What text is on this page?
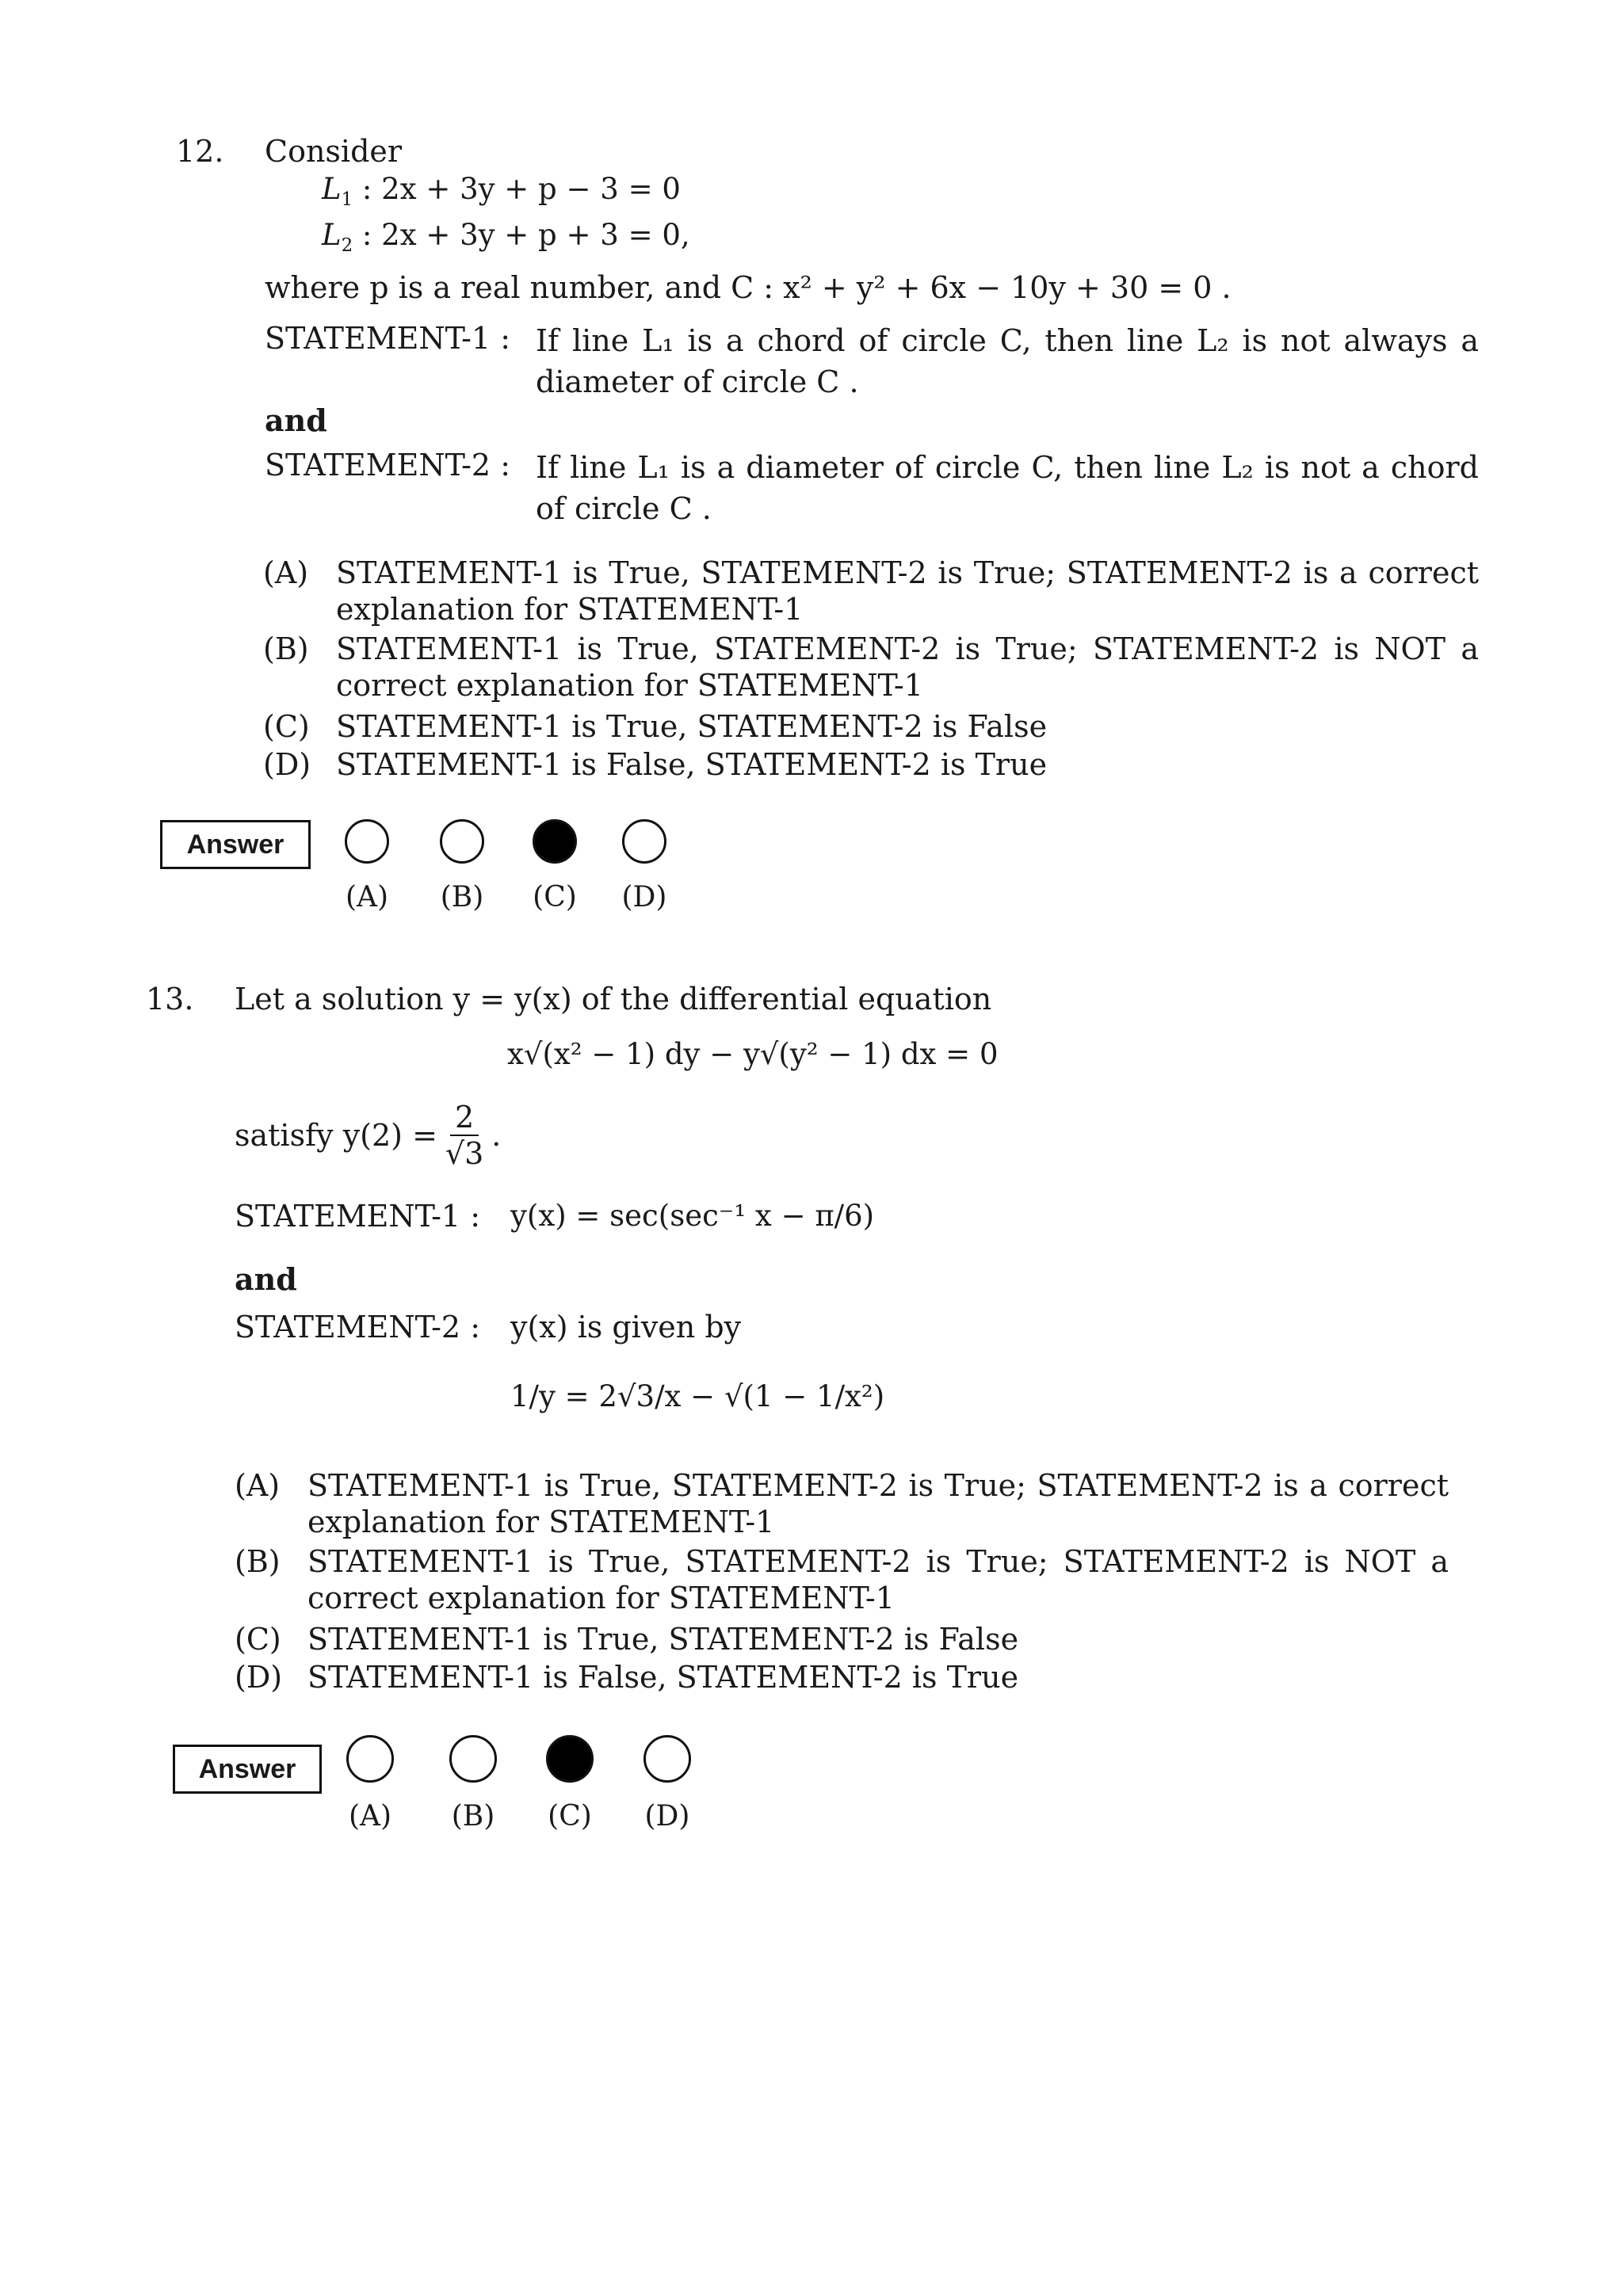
12. Consider
$L_1$ : 2x + 3y + p − 3 = 0
$L_2$ : 2x + 3y + p + 3 = 0,
where p is a real number, and C : x² + y² + 6x − 10y + 30 = 0 .
STATEMENT-1 : If line L₁ is a chord of circle C, then line L₂ is not always a diameter of circle C .
and
STATEMENT-2 : If line L₁ is a diameter of circle C, then line L₂ is not a chord of circle C .
(A) STATEMENT-1 is True, STATEMENT-2 is True; STATEMENT-2 is a correct explanation for STATEMENT-1
(B) STATEMENT-1 is True, STATEMENT-2 is True; STATEMENT-2 is NOT a correct explanation for STATEMENT-1
(C) STATEMENT-1 is True, STATEMENT-2 is False
(D) STATEMENT-1 is False, STATEMENT-2 is True
Answer
(A)	(B)	(C)	(D)
13. Let a solution y = y(x) of the differential equation
x√(x² − 1) dy − y√(y² − 1) dx = 0
satisfy $y(2) = \frac{2}{√3}$ .
STATEMENT-1 : y(x) = sec(sec⁻¹ x − π/6)
and
STATEMENT-2 : y(x) is given by
1/y = 2√3/x − √(1 − 1/x²)
(A) STATEMENT-1 is True, STATEMENT-2 is True; STATEMENT-2 is a correct explanation for STATEMENT-1
(B) STATEMENT-1 is True, STATEMENT-2 is True; STATEMENT-2 is NOT a correct explanation for STATEMENT-1
(C) STATEMENT-1 is True, STATEMENT-2 is False
(D) STATEMENT-1 is False, STATEMENT-2 is True
Answer
(A)	(B)	(C)	(D)
